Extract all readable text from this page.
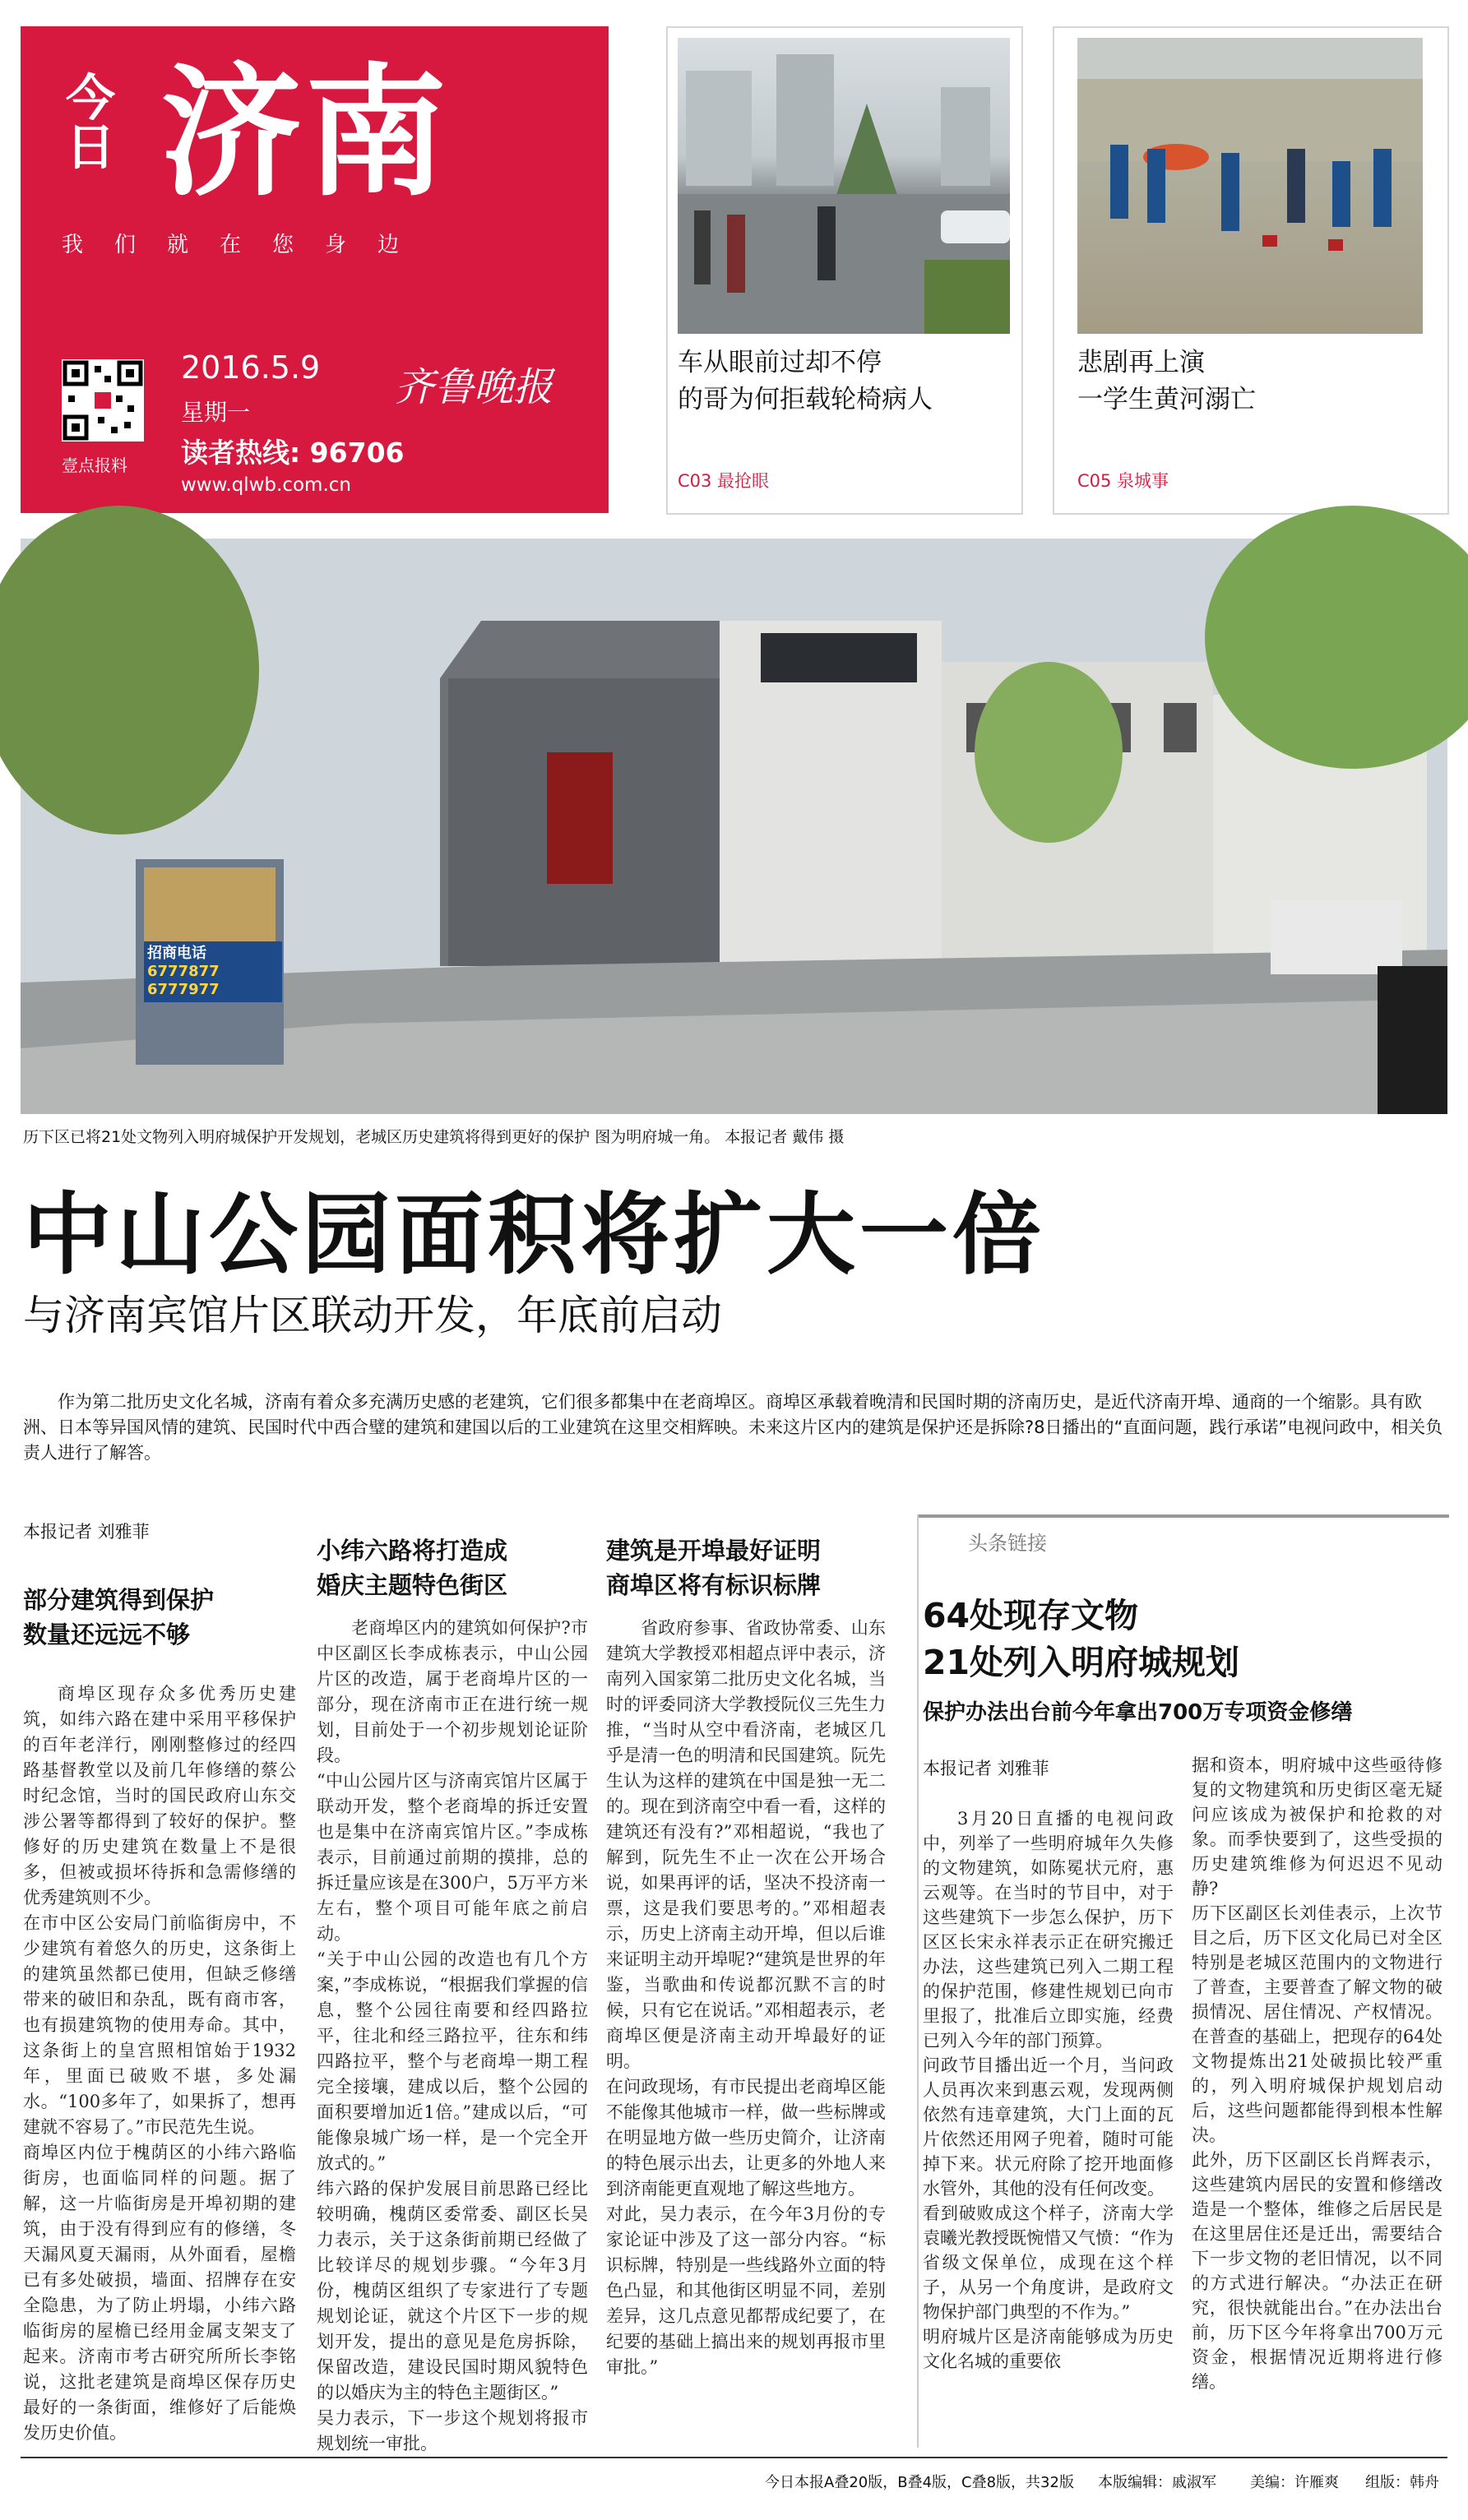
今日 济南
我们就在您身边
壹点报料
2016.5.9
星期一
齐鲁晚报
读者热线: 96706
www.qlwb.com.cn
车从眼前过却不停
的哥为何拒载轮椅病人
C03 最抢眼
悲剧再上演
一学生黄河溺亡
C05 泉城事
招商电话
6777877
6777977
历下区已将21处文物列入明府城保护开发规划，老城区历史建筑将得到更好的保护 图为明府城一角。 本报记者 戴伟 摄
中山公园面积将扩大一倍
与济南宾馆片区联动开发，年底前启动
作为第二批历史文化名城，济南有着众多充满历史感的老建筑，它们很多都集中在老商埠区。商埠区承载着晚清和民国时期的济南历史，是近代济南开埠、通商的一个缩影。具有欧洲、日本等异国风情的建筑、民国时代中西合璧的建筑和建国以后的工业建筑在这里交相辉映。未来这片区内的建筑是保护还是拆除?8日播出的“直面问题，践行承诺”电视问政中，相关负责人进行了解答。
本报记者 刘雅菲
部分建筑得到保护
数量还远远不够
商埠区现存众多优秀历史建筑，如纬六路在建中采用平移保护的百年老洋行，刚刚整修过的经四路基督教堂以及前几年修缮的蔡公时纪念馆，当时的国民政府山东交涉公署等都得到了较好的保护。整修好的历史建筑在数量上不是很多，但被或损坏待拆和急需修缮的优秀建筑则不少。
在市中区公安局门前临街房中，不少建筑有着悠久的历史，这条街上的建筑虽然都已使用，但缺乏修缮带来的破旧和杂乱，既有商市客，也有损建筑物的使用寿命。其中，这条街上的皇宫照相馆始于1932年，里面已破败不堪，多处漏水。“100多年了，如果拆了，想再建就不容易了。”市民范先生说。
商埠区内位于槐荫区的小纬六路临街房，也面临同样的问题。据了解，这一片临街房是开埠初期的建筑，由于没有得到应有的修缮，冬天漏风夏天漏雨，从外面看，屋檐已有多处破损，墙面、招牌存在安全隐患，为了防止坍塌，小纬六路临街房的屋檐已经用金属支架支了起来。济南市考古研究所所长李铭说，这批老建筑是商埠区保存历史最好的一条街面，维修好了后能焕发历史价值。
小纬六路将打造成
婚庆主题特色街区
老商埠区内的建筑如何保护?市中区副区长李成栋表示，中山公园片区的改造，属于老商埠片区的一部分，现在济南市正在进行统一规划，目前处于一个初步规划论证阶段。
“中山公园片区与济南宾馆片区属于联动开发，整个老商埠的拆迁安置也是集中在济南宾馆片区。”李成栋表示，目前通过前期的摸排，总的拆迁量应该是在300户，5万平方米左右，整个项目可能年底之前启动。
“关于中山公园的改造也有几个方案，”李成栋说，“根据我们掌握的信息，整个公园往南要和经四路拉平，往北和经三路拉平，往东和纬四路拉平，整个与老商埠一期工程完全接壤，建成以后，整个公园的面积要增加近1倍。”建成以后，“可能像泉城广场一样，是一个完全开放式的。”
纬六路的保护发展目前思路已经比较明确，槐荫区委常委、副区长吴力表示，关于这条街前期已经做了比较详尽的规划步骤。“今年3月份，槐荫区组织了专家进行了专题规划论证，就这个片区下一步的规划开发，提出的意见是危房拆除，保留改造，建设民国时期风貌特色的以婚庆为主的特色主题街区。”
吴力表示，下一步这个规划将报市规划统一审批。
建筑是开埠最好证明
商埠区将有标识标牌
省政府参事、省政协常委、山东建筑大学教授邓相超点评中表示，济南列入国家第二批历史文化名城，当时的评委同济大学教授阮仪三先生力推，“当时从空中看济南，老城区几乎是清一色的明清和民国建筑。阮先生认为这样的建筑在中国是独一无二的。现在到济南空中看一看，这样的建筑还有没有?”邓相超说，“我也了解到，阮先生不止一次在公开场合说，如果再评的话，坚决不投济南一票，这是我们要思考的。”邓相超表示，历史上济南主动开埠，但以后谁来证明主动开埠呢?“建筑是世界的年鉴，当歌曲和传说都沉默不言的时候，只有它在说话。”邓相超表示，老商埠区便是济南主动开埠最好的证明。
在问政现场，有市民提出老商埠区能不能像其他城市一样，做一些标牌或在明显地方做一些历史简介，让济南的特色展示出去，让更多的外地人来到济南能更直观地了解这些地方。
对此，吴力表示，在今年3月份的专家论证中涉及了这一部分内容。“标识标牌，特别是一些线路外立面的特色凸显，和其他街区明显不同，差别差异，这几点意见都帮成纪要了，在纪要的基础上搞出来的规划再报市里审批。”
头条链接
64处现存文物
21处列入明府城规划
保护办法出台前今年拿出700万专项资金修缮
本报记者 刘雅菲
3月20日直播的电视问政中，列举了一些明府城年久失修的文物建筑，如陈冕状元府，惠云观等。在当时的节目中，对于这些建筑下一步怎么保护，历下区区长宋永祥表示正在研究搬迁办法，这些建筑已列入二期工程的保护范围，修建性规划已向市里报了，批准后立即实施，经费已列入今年的部门预算。
问政节目播出近一个月，当问政人员再次来到惠云观，发现两侧依然有违章建筑，大门上面的瓦片依然还用网子兜着，随时可能掉下来。状元府除了挖开地面修水管外，其他的没有任何改变。
看到破败成这个样子，济南大学袁曦光教授既惋惜又气愤：“作为省级文保单位，成现在这个样子，从另一个角度讲，是政府文物保护部门典型的不作为。”
明府城片区是济南能够成为历史文化名城的重要依
据和资本，明府城中这些亟待修复的文物建筑和历史街区毫无疑问应该成为被保护和抢救的对象。而季快要到了，这些受损的历史建筑维修为何迟迟不见动静?
历下区副区长刘佳表示，上次节目之后，历下区文化局已对全区特别是老城区范围内的文物进行了普查，主要普查了解文物的破损情况、居住情况、产权情况。在普查的基础上，把现存的64处文物提炼出21处破损比较严重的，列入明府城保护规划启动后，这些问题都能得到根本性解决。
此外，历下区副区长肖辉表示，这些建筑内居民的安置和修缮改造是一个整体，维修之后居民是在这里居住还是迁出，需要结合下一步文物的老旧情况，以不同的方式进行解决。“办法正在研究，很快就能出台。”在办法出台前，历下区今年将拿出700万元资金，根据情况近期将进行修缮。
今日本报A叠20版，B叠4版，C叠8版，共32版 本版编辑：戚淑军 美编：许雁爽 组版：韩舟
